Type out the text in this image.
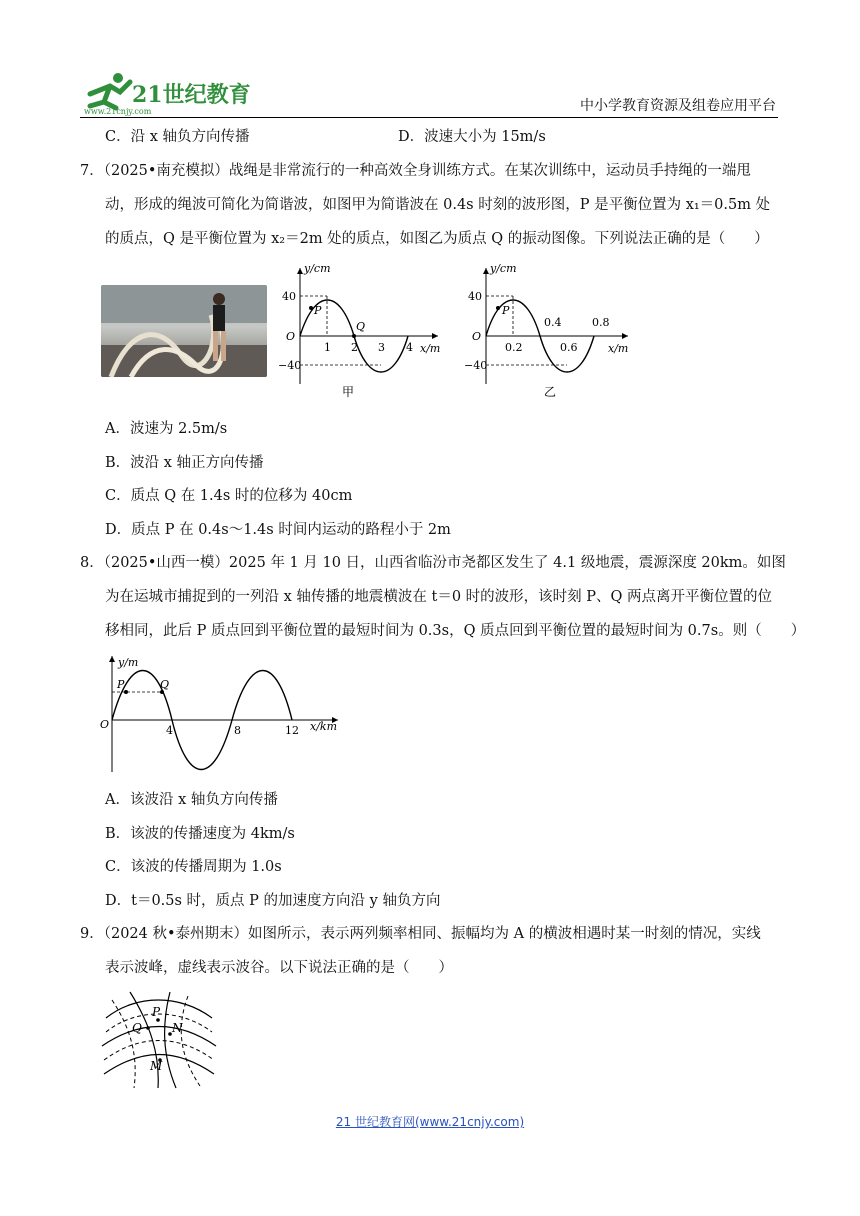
21世纪教育
www.21cnjy.com	中小学教育资源及组卷应用平台
C．沿 x 轴负方向传播	D．波速大小为 15m/s
7．（2025•南充模拟）战绳是非常流行的一种高效全身训练方式。在某次训练中，运动员手持绳的一端甩
动，形成的绳波可简化为简谐波，如图甲为简谐波在 0.4s 时刻的波形图，P 是平衡位置为 x₁＝0.5m 处
的质点，Q 是平衡位置为 x₂＝2m 处的质点，如图乙为质点 Q 的振动图像。下列说法正确的是（　　）
y/cm
x/m
O
40
−40
1 2 3 4
P
Q
甲
y/cm
x/m
O
40
−40
0.2
0.4
0.6
0.8
P
乙
A．波速为 2.5m/s
B．波沿 x 轴正方向传播
C．质点 Q 在 1.4s 时的位移为 40cm
D．质点 P 在 0.4s～1.4s 时间内运动的路程小于 2m
8．（2025•山西一模）2025 年 1 月 10 日，山西省临汾市尧都区发生了 4.1 级地震，震源深度 20km。如图
为在运城市捕捉到的一列沿 x 轴传播的地震横波在 t＝0 时的波形，该时刻 P、Q 两点离开平衡位置的位
移相同，此后 P 质点回到平衡位置的最短时间为 0.3s，Q 质点回到平衡位置的最短时间为 0.7s。则（　　）
y/m
x/km
O	4	8	12
P	Q
A．该波沿 x 轴负方向传播
B．该波的传播速度为 4km/s
C．该波的传播周期为 1.0s
D．t＝0.5s 时，质点 P 的加速度方向沿 y 轴负方向
9．（2024 秋•泰州期末）如图所示，表示两列频率相同、振幅均为 A 的横波相遇时某一时刻的情况，实线
表示波峰，虚线表示波谷。以下说法正确的是（　　）
P
Q	N
M
21 世纪教育网(www.21cnjy.com)
